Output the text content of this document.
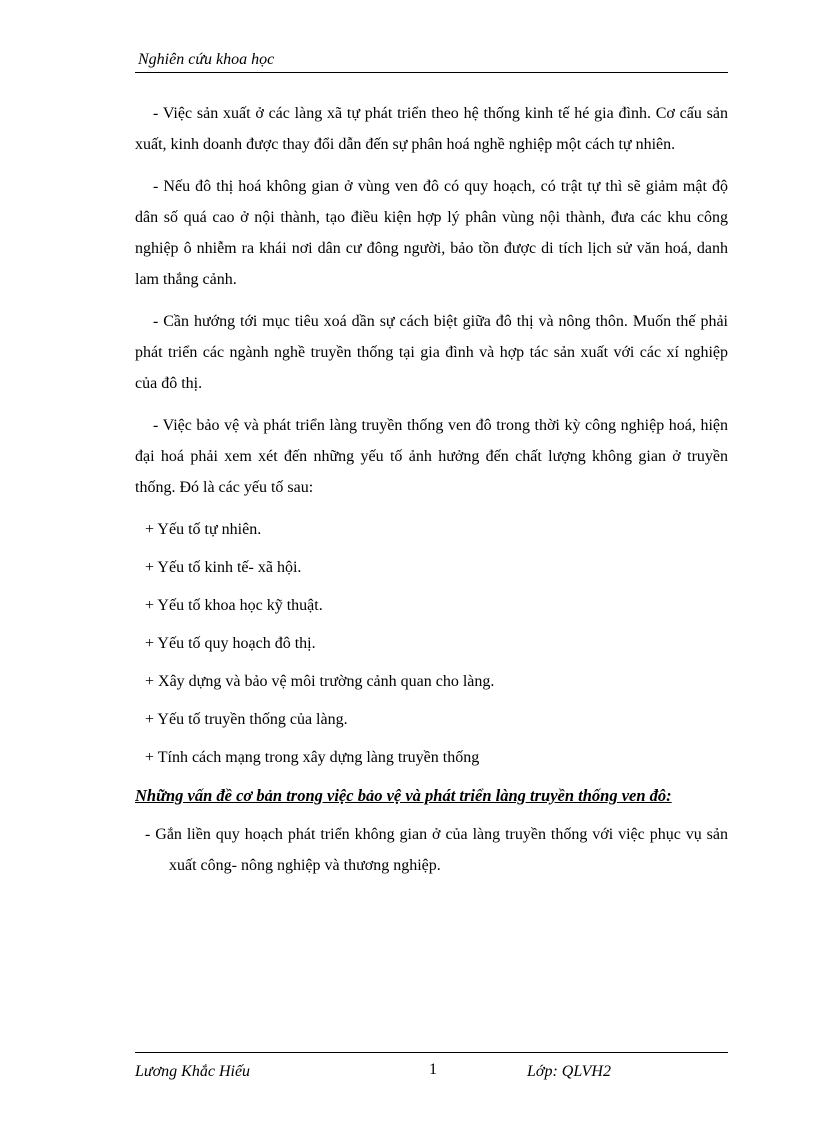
Nghiên cứu khoa học

- Việc sản xuất ở các làng xã tự phát triển theo hệ thống kinh tế hé gia đình. Cơ cấu sản xuất, kinh doanh được thay đổi dẫn đến sự phân hoá nghề nghiệp một cách tự nhiên.

- Nếu đô thị hoá không gian ở vùng ven đô có quy hoạch, có trật tự thì sẽ giảm mật độ dân số quá cao ở nội thành, tạo điều kiện hợp lý phân vùng nội thành, đưa các khu công nghiệp ô nhiễm ra khái nơi dân cư đông người, bảo tồn được di tích lịch sử văn hoá, danh lam thắng cảnh.

- Cần hướng tới mục tiêu xoá dần sự cách biệt giữa đô thị và nông thôn. Muốn thế phải phát triển các ngành nghề truyền thống tại gia đình và hợp tác sản xuất với các xí nghiệp của đô thị.

- Việc bảo vệ và phát triển làng truyền thống ven đô trong thời kỳ công nghiệp hoá, hiện đại hoá phải xem xét đến những yếu tố ảnh hưởng đến chất lượng không gian ở truyền thống. Đó là các yếu tố sau:

+ Yếu tố tự nhiên.
+ Yếu tố kinh tế- xã hội.
+ Yếu tố khoa học kỹ thuật.
+ Yếu tố quy hoạch đô thị.
+ Xây dựng và bảo vệ môi trường cảnh quan cho làng.
+ Yếu tố truyền thống của làng.
+ Tính cách mạng trong xây dựng làng truyền thống

Những vấn đề cơ bản trong việc bảo vệ và phát triển làng truyền thống ven đô:

- Gắn liền quy hoạch phát triển không gian ở của làng truyền thống với việc phục vụ sản xuất công- nông nghiệp và thương nghiệp.

Lương Khắc Hiếu	1	Lớp: QLVH2
